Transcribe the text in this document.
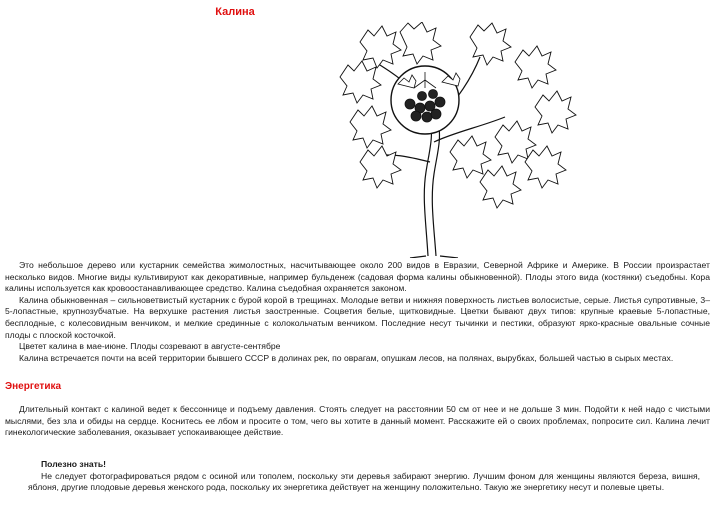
Калина

Это небольшое дерево или кустарник семейства жимолостных, насчитывающее около 200 видов в Евразии, Северной Африке и Америке. В России произрастает несколько видов. Многие виды культивируют как декоративные, например бульденеж (садовая форма калины обыкновенной). Плоды этого вида (костянки) съедобны. Кора калины используется как кровоостанавливающее средство. Калина съедобная охраняется законом.

Калина обыкновенная – сильноветвистый кустарник с бурой корой в трещинах. Молодые ветви и нижняя поверхность листьев волосистые, серые. Листья супротивные, 3–5-лопастные, крупнозубчатые. На верхушке растения листья заостренные. Соцветия белые, щитковидные. Цветки бывают двух типов: крупные краевые 5-лопастные, бесплодные, с колесовидным венчиком, и мелкие срединные с колокольчатым венчиком. Последние несут тычинки и пестики, образуют ярко-красные овальные сочные плоды с плоской косточкой.

Цветет калина в мае-июне. Плоды созревают в августе-сентябре

Калина встречается почти на всей территории бывшего СССР в долинах рек, по оврагам, опушкам лесов, на полянах, вырубках, большей частью в сырых местах.

Энергетика

Длительный контакт с калиной ведет к бессоннице и подъему давления. Стоять следует на расстоянии 50 см от нее и не дольше 3 мин. Подойти к ней надо с чистыми мыслями, без зла и обиды на сердце. Коснитесь ее лбом и просите о том, чего вы хотите в данный момент. Расскажите ей о своих проблемах, попросите сил. Калина лечит гинекологические заболевания, оказывает успокаивающее действие.

Полезно знать!

Не следует фотографироваться рядом с осиной или тополем, поскольку эти деревья забирают энергию. Лучшим фоном для женщины являются береза, вишня, яблоня, другие плодовые деревья женского рода, поскольку их энергетика действует на женщину положительно. Такую же энергетику несут и полевые цветы.
